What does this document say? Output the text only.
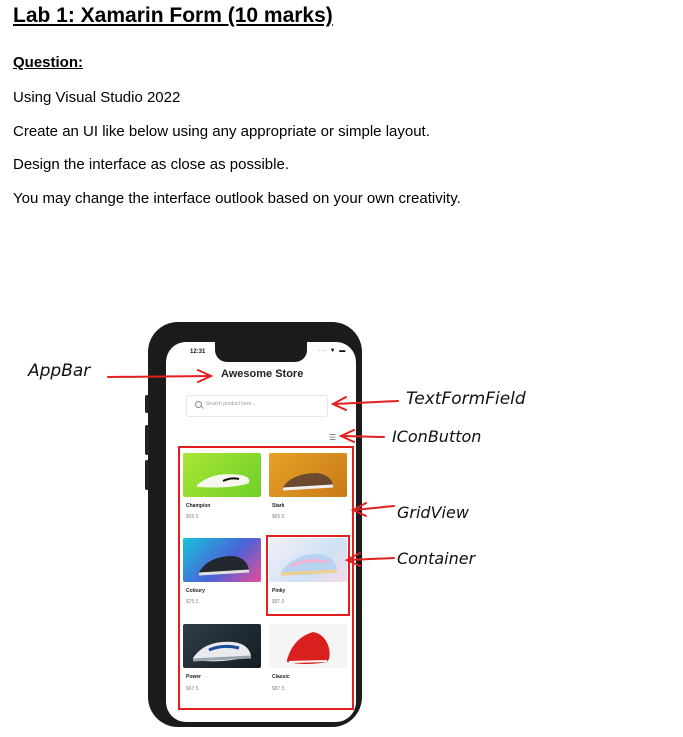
Lab 1: Xamarin Form (10 marks)
Question:
Using Visual Studio 2022
Create an UI like below using any appropriate or simple layout.
Design the interface as close as possible.
You may change the interface outlook based on your own creativity.
12:31	··· ▼ ▬
Awesome Store
Search product here...
☰
Champion
$55.5
Stark
$65.5
Coloury
$75.5
Pinky
$87.5
Power
$67.5
Classic
$87.5
AppBar
TextFormField
IConButton
GridView
Container
